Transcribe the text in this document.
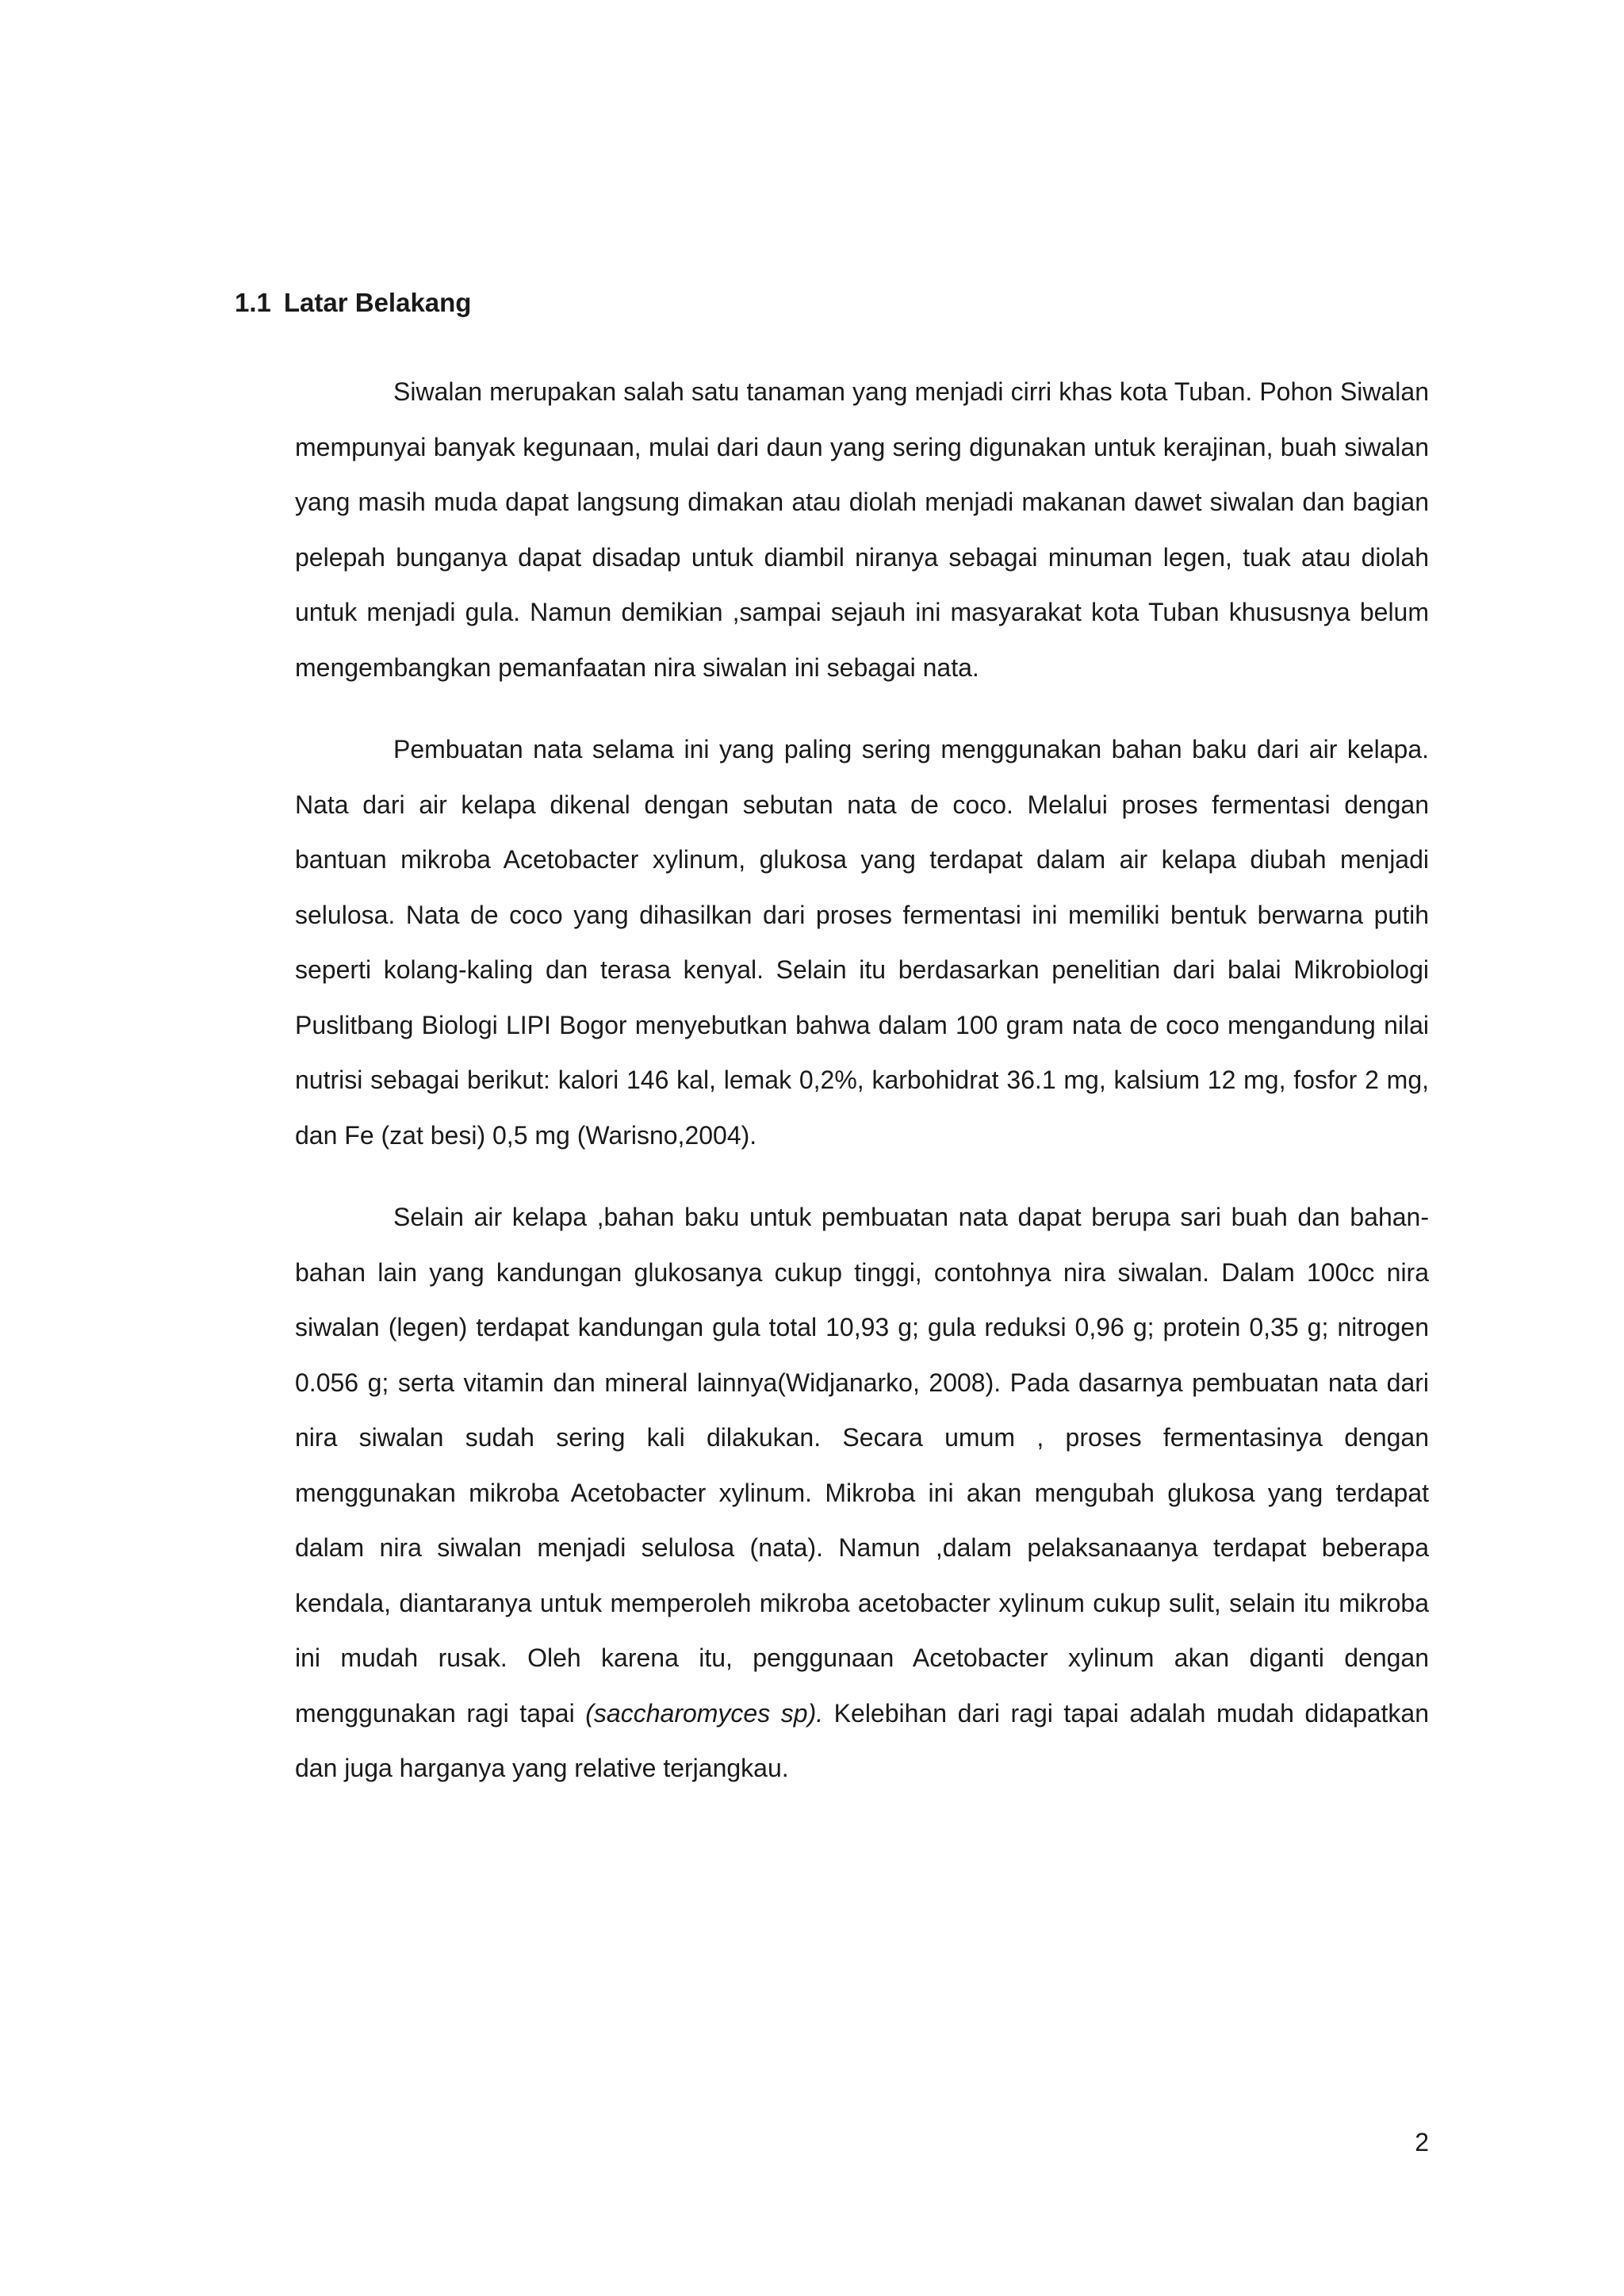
1.1 Latar Belakang

Siwalan merupakan salah satu tanaman yang menjadi cirri khas kota Tuban. Pohon Siwalan mempunyai banyak kegunaan, mulai dari daun yang sering digunakan untuk kerajinan, buah siwalan yang masih muda dapat langsung dimakan atau diolah menjadi makanan dawet siwalan dan bagian pelepah bunganya dapat disadap untuk diambil niranya sebagai minuman legen, tuak atau diolah untuk menjadi gula. Namun demikian ,sampai sejauh ini masyarakat kota Tuban khususnya belum mengembangkan pemanfaatan nira siwalan ini sebagai nata.

Pembuatan nata selama ini yang paling sering menggunakan bahan baku dari air kelapa. Nata dari air kelapa dikenal dengan sebutan nata de coco. Melalui proses fermentasi dengan bantuan mikroba Acetobacter xylinum, glukosa yang terdapat dalam air kelapa diubah menjadi selulosa. Nata de coco yang dihasilkan dari proses fermentasi ini memiliki bentuk berwarna putih seperti kolang-kaling dan terasa kenyal. Selain itu berdasarkan penelitian dari balai Mikrobiologi Puslitbang Biologi LIPI Bogor menyebutkan bahwa dalam 100 gram nata de coco mengandung nilai nutrisi sebagai berikut: kalori 146 kal, lemak 0,2%, karbohidrat 36.1 mg, kalsium 12 mg, fosfor 2 mg, dan Fe (zat besi) 0,5 mg (Warisno,2004).

Selain air kelapa ,bahan baku untuk pembuatan nata dapat berupa sari buah dan bahan-bahan lain yang kandungan glukosanya cukup tinggi, contohnya nira siwalan. Dalam 100cc nira siwalan (legen) terdapat kandungan gula total 10,93 g; gula reduksi 0,96 g; protein 0,35 g; nitrogen 0.056 g; serta vitamin dan mineral lainnya(Widjanarko, 2008). Pada dasarnya pembuatan nata dari nira siwalan sudah sering kali dilakukan. Secara umum , proses fermentasinya dengan menggunakan mikroba Acetobacter xylinum. Mikroba ini akan mengubah glukosa yang terdapat dalam nira siwalan menjadi selulosa (nata). Namun ,dalam pelaksanaanya terdapat beberapa kendala, diantaranya untuk memperoleh mikroba acetobacter xylinum cukup sulit, selain itu mikroba ini mudah rusak. Oleh karena itu, penggunaan Acetobacter xylinum akan diganti dengan menggunakan ragi tapai (saccharomyces sp). Kelebihan dari ragi tapai adalah mudah didapatkan dan juga harganya yang relative terjangkau.

2
